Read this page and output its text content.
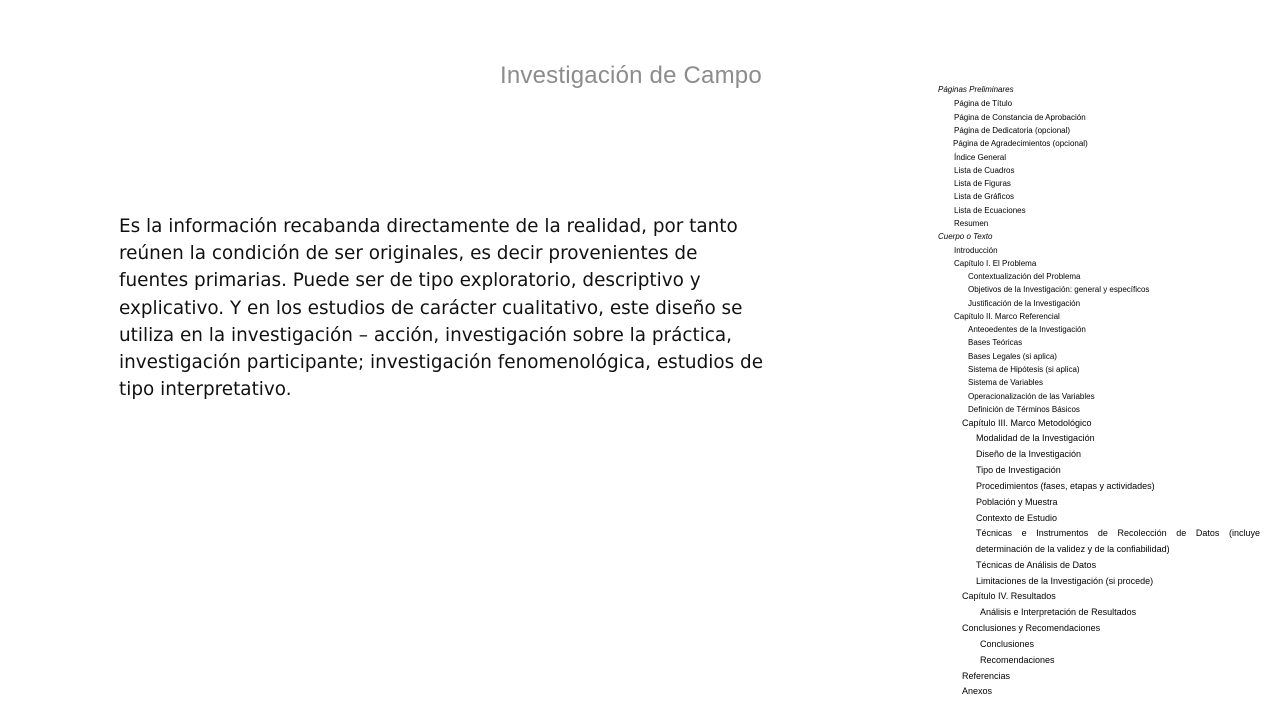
Investigación de Campo
Es la información recabanda directamente de la realidad, por tanto reúnen la condición de ser originales, es decir provenientes de fuentes primarias. Puede ser de tipo exploratorio, descriptivo y explicativo. Y en los estudios de carácter cualitativo, este diseño se utiliza en la investigación – acción, investigación sobre la práctica, investigación participante; investigación fenomenológica, estudios de tipo interpretativo.
Páginas Preliminares
Página de Título
Página de Constancia de Aprobación
Página de Dedicatoria (opcional)
Página de Agradecimientos (opcional)
Índice General
Lista de Cuadros
Lista de Figuras
Lista de Gráficos
Lista de Ecuaciones
Resumen
Cuerpo o Texto
Introducción
Capítulo I. El Problema
Contextualización del Problema
Objetivos de la Investigación: general y específicos
Justificación de la Investigación
Capítulo II. Marco Referencial
Anteoedentes de la Investigación
Bases Teóricas
Bases Legales (si aplica)
Sistema de Hipótesis (si aplica)
Sistema de Variables
Operacionalización de las Variables
Definición de Términos Básicos
Capítulo III. Marco Metodológico
Modalidad de la Investigación
Diseño de la Investigación
Tipo de Investigación
Procedimientos (fases, etapas y actividades)
Población y Muestra
Contexto de Estudio
Técnicas e Instrumentos de Recolección de Datos (incluye
determinación de la validez y de la confiabilidad)
Técnicas de Análisis de Datos
Limitaciones de la Investigación (si procede)
Capítulo IV. Resultados
Análisis e Interpretación de Resultados
Conclusiones y Recomendaciones
Conclusiones
Recomendaciones
Referencias
Anexos
